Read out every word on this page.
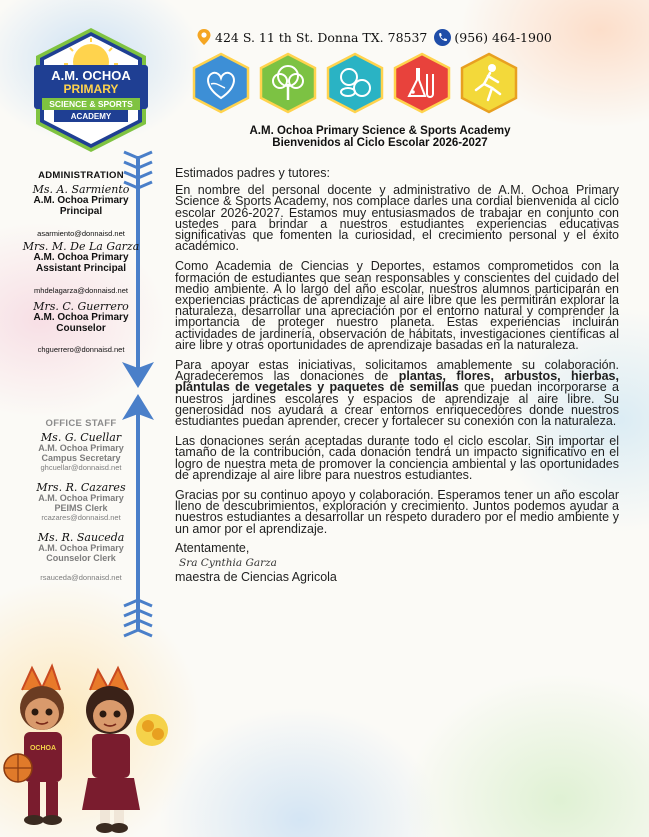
A.M. OCHOA
PRIMARY
SCIENCE & SPORTS
ACADEMY
424 S. 11 th St. Donna TX. 78537 (956) 464-1900
A.M. Ochoa Primary Science & Sports Academy
Bienvenidos al Ciclo Escolar 2026-2027
ADMINISTRATION
Ms. A. Sarmiento
A.M. Ochoa Primary
Principal
asarmiento@donnaisd.net
Mrs. M. De La Garza
A.M. Ochoa Primary
Assistant Principal
mhdelagarza@donnaisd.net
Mrs. C. Guerrero
A.M. Ochoa Primary
Counselor
chguerrero@donnaisd.net
OFFICE STAFF
Ms. G. Cuellar
A.M. Ochoa Primary
Campus Secretary
ghcuellar@donnaisd.net
Mrs. R. Cazares
A.M. Ochoa Primary
PEIMS Clerk
rcazares@donnaisd.net
Ms. R. Sauceda
A.M. Ochoa Primary
Counselor Clerk
rsauceda@donnaisd.net
OCHOA

Estimados padres y tutores:

En nombre del personal docente y administrativo de A.M. Ochoa Primary Science & Sports Academy, nos complace darles una cordial bienvenida al ciclo escolar 2026-2027. Estamos muy entusiasmados de trabajar en conjunto con ustedes para brindar a nuestros estudiantes experiencias educativas significativas que fomenten la curiosidad, el crecimiento personal y el éxito académico.

Como Academia de Ciencias y Deportes, estamos comprometidos con la formación de estudiantes que sean responsables y conscientes del cuidado del medio ambiente. A lo largo del año escolar, nuestros alumnos participarán en experiencias prácticas de aprendizaje al aire libre que les permitirán explorar la naturaleza, desarrollar una apreciación por el entorno natural y comprender la importancia de proteger nuestro planeta. Estas experiencias incluirán actividades de jardinería, observación de hábitats, investigaciones científicas al aire libre y otras oportunidades de aprendizaje basadas en la naturaleza.

Para apoyar estas iniciativas, solicitamos amablemente su colaboración. Agradeceremos las donaciones de plantas, flores, arbustos, hierbas, plántulas de vegetales y paquetes de semillas que puedan incorporarse a nuestros jardines escolares y espacios de aprendizaje al aire libre. Su generosidad nos ayudará a crear entornos enriquecedores donde nuestros estudiantes puedan aprender, crecer y fortalecer su conexión con la naturaleza.

Las donaciones serán aceptadas durante todo el ciclo escolar. Sin importar el tamaño de la contribución, cada donación tendrá un impacto significativo en el logro de nuestra meta de promover la conciencia ambiental y las oportunidades de aprendizaje al aire libre para nuestros estudiantes.

Gracias por su continuo apoyo y colaboración. Esperamos tener un año escolar lleno de descubrimientos, exploración y crecimiento. Juntos podemos ayudar a nuestros estudiantes a desarrollar un respeto duradero por el medio ambiente y un amor por el aprendizaje.

Atentamente,
Sra Cynthia Garza
maestra de Ciencias Agricola
